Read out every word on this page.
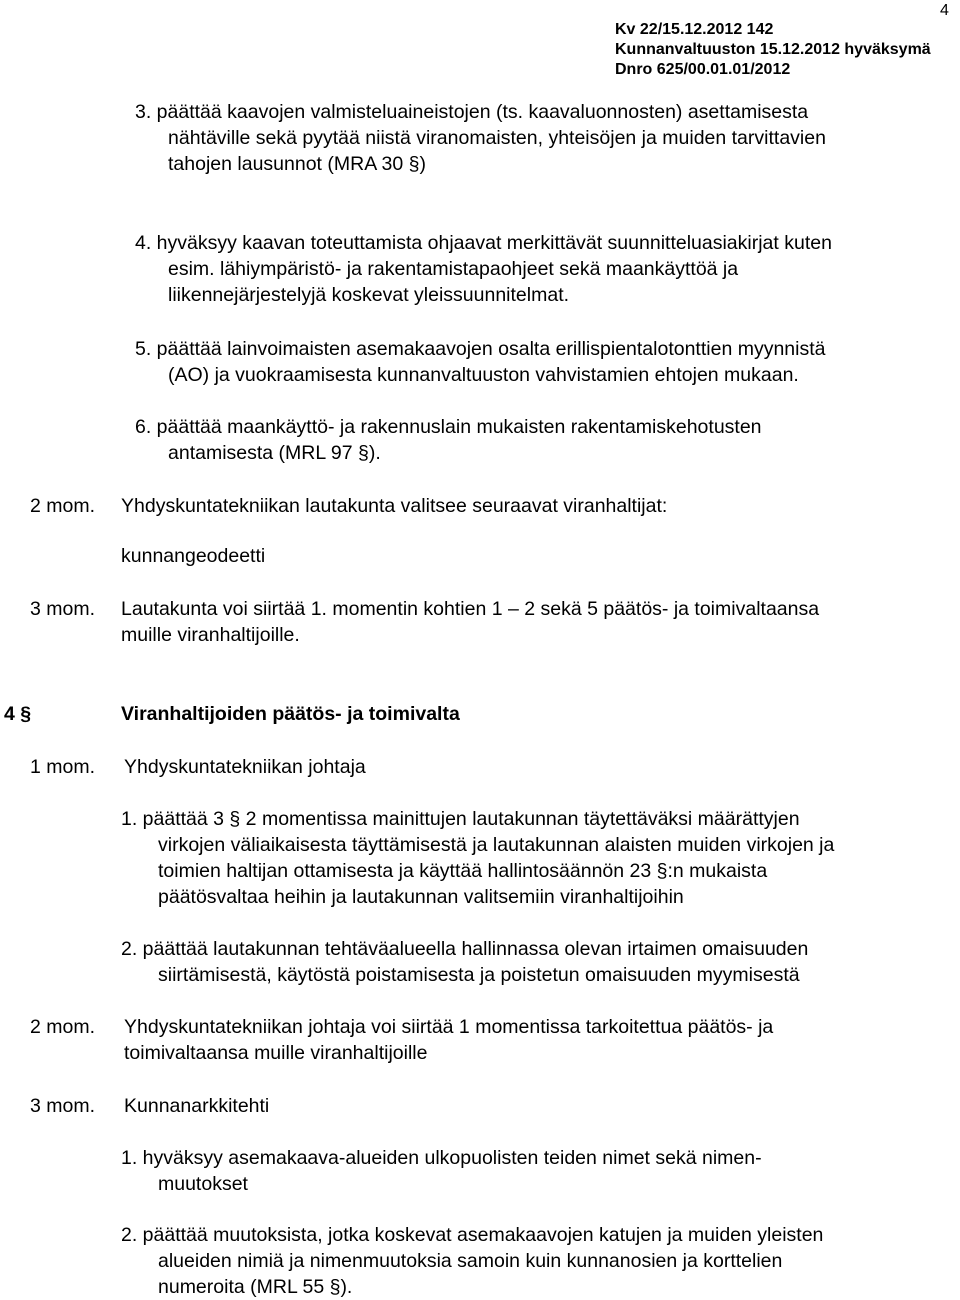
Kv 22/15.12.2012 142
Kunnanvaltuuston 15.12.2012 hyväksymä
Dnro 625/00.01.01/2012
4
3. päättää kaavojen valmisteluaineistojen (ts. kaavaluonnosten) asettamisesta
nähtäville sekä pyytää niistä viranomaisten, yhteisöjen ja muiden tarvittavien
tahojen lausunnot (MRA 30 §)
4. hyväksyy kaavan toteuttamista ohjaavat merkittävät suunnitteluasiakirjat kuten
esim. lähiympäristö- ja rakentamistapaohjeet sekä maankäyttöä ja
liikennejärjestelyjä koskevat yleissuunnitelmat.
5. päättää lainvoimaisten asemakaavojen osalta erillispientalotonttien myynnistä
(AO) ja vuokraamisesta kunnanvaltuuston vahvistamien ehtojen mukaan.
6. päättää maankäyttö- ja rakennuslain mukaisten rakentamiskehotusten
antamisesta (MRL 97 §).
2 mom. Yhdyskuntatekniikan lautakunta valitsee seuraavat viranhaltijat:
kunnangeodeetti
3 mom. Lautakunta voi siirtää 1. momentin kohtien 1 – 2 sekä 5 päätös- ja toimivaltaansa
muille viranhaltijoille.
4 §	Viranhaltijoiden päätös- ja toimivalta
1 mom. Yhdyskuntatekniikan johtaja
1. päättää 3 § 2 momentissa mainittujen lautakunnan täytettäväksi määrättyjen
virkojen väliaikaisesta täyttämisestä ja lautakunnan alaisten muiden virkojen ja
toimien haltijan ottamisesta ja käyttää hallintosäännön 23 §:n mukaista
päätösvaltaa heihin ja lautakunnan valitsemiin viranhaltijoihin
2. päättää lautakunnan tehtäväalueella hallinnassa olevan irtaimen omaisuuden
siirtämisestä, käytöstä poistamisesta ja poistetun omaisuuden myymisestä
2 mom. Yhdyskuntatekniikan johtaja voi siirtää 1 momentissa tarkoitettua päätös- ja
toimivaltaansa muille viranhaltijoille
3 mom. Kunnanarkkitehti
1. hyväksyy asemakaava-alueiden ulkopuolisten teiden nimet sekä nimen-
muutokset
2. päättää muutoksista, jotka koskevat asemakaavojen katujen ja muiden yleisten
alueiden nimiä ja nimenmuutoksia samoin kuin kunnanosien ja korttelien
numeroita (MRL 55 §).
